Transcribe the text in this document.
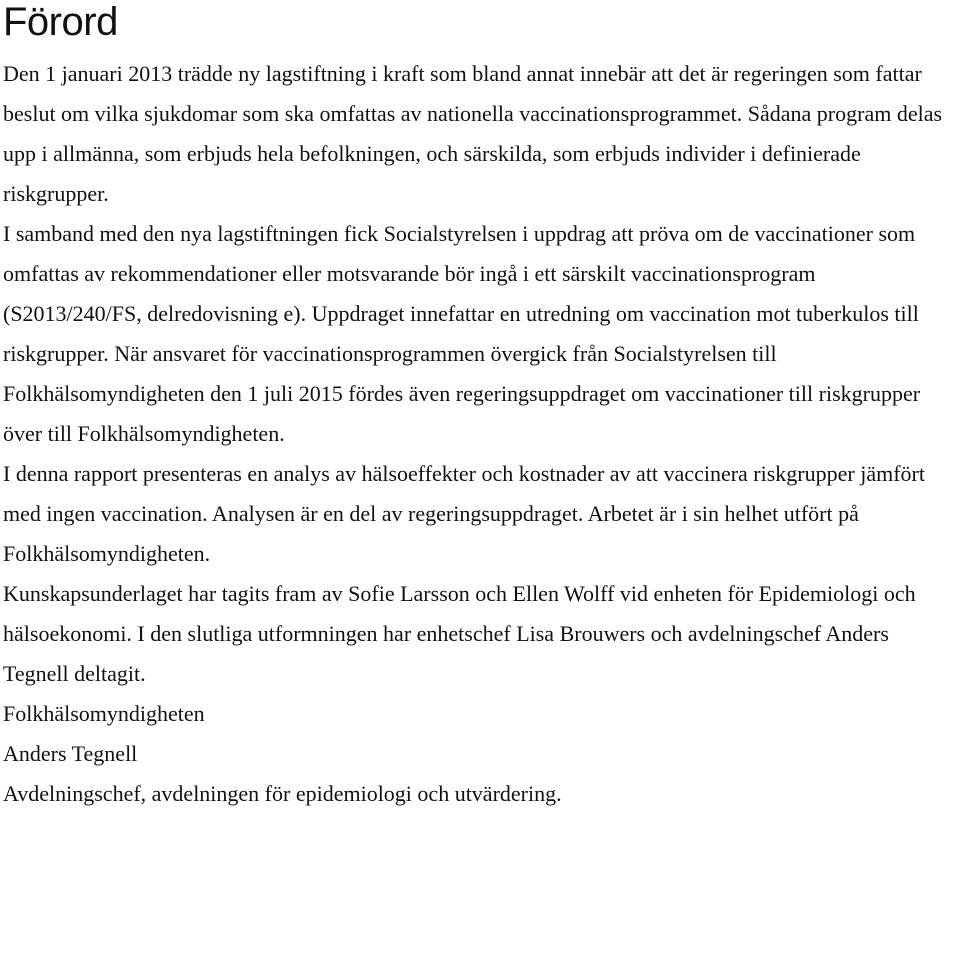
Förord

Den 1 januari 2013 trädde ny lagstiftning i kraft som bland annat innebär att det är regeringen som fattar beslut om vilka sjukdomar som ska omfattas av nationella vaccinationsprogrammet. Sådana program delas upp i allmänna, som erbjuds hela befolkningen, och särskilda, som erbjuds individer i definierade riskgrupper.

I samband med den nya lagstiftningen fick Socialstyrelsen i uppdrag att pröva om de vaccinationer som omfattas av rekommendationer eller motsvarande bör ingå i ett särskilt vaccinationsprogram (S2013/240/FS, delredovisning e). Uppdraget innefattar en utredning om vaccination mot tuberkulos till riskgrupper. När ansvaret för vaccinationsprogrammen övergick från Socialstyrelsen till Folkhälsomyndigheten den 1 juli 2015 fördes även regeringsuppdraget om vaccinationer till riskgrupper över till Folkhälsomyndigheten.

I denna rapport presenteras en analys av hälsoeffekter och kostnader av att vaccinera riskgrupper jämfört med ingen vaccination. Analysen är en del av regeringsuppdraget. Arbetet är i sin helhet utfört på Folkhälsomyndigheten.

Kunskapsunderlaget har tagits fram av Sofie Larsson och Ellen Wolff vid enheten för Epidemiologi och hälsoekonomi. I den slutliga utformningen har enhetschef Lisa Brouwers och avdelningschef Anders Tegnell deltagit.

Folkhälsomyndigheten

Anders Tegnell

Avdelningschef, avdelningen för epidemiologi och utvärdering.
